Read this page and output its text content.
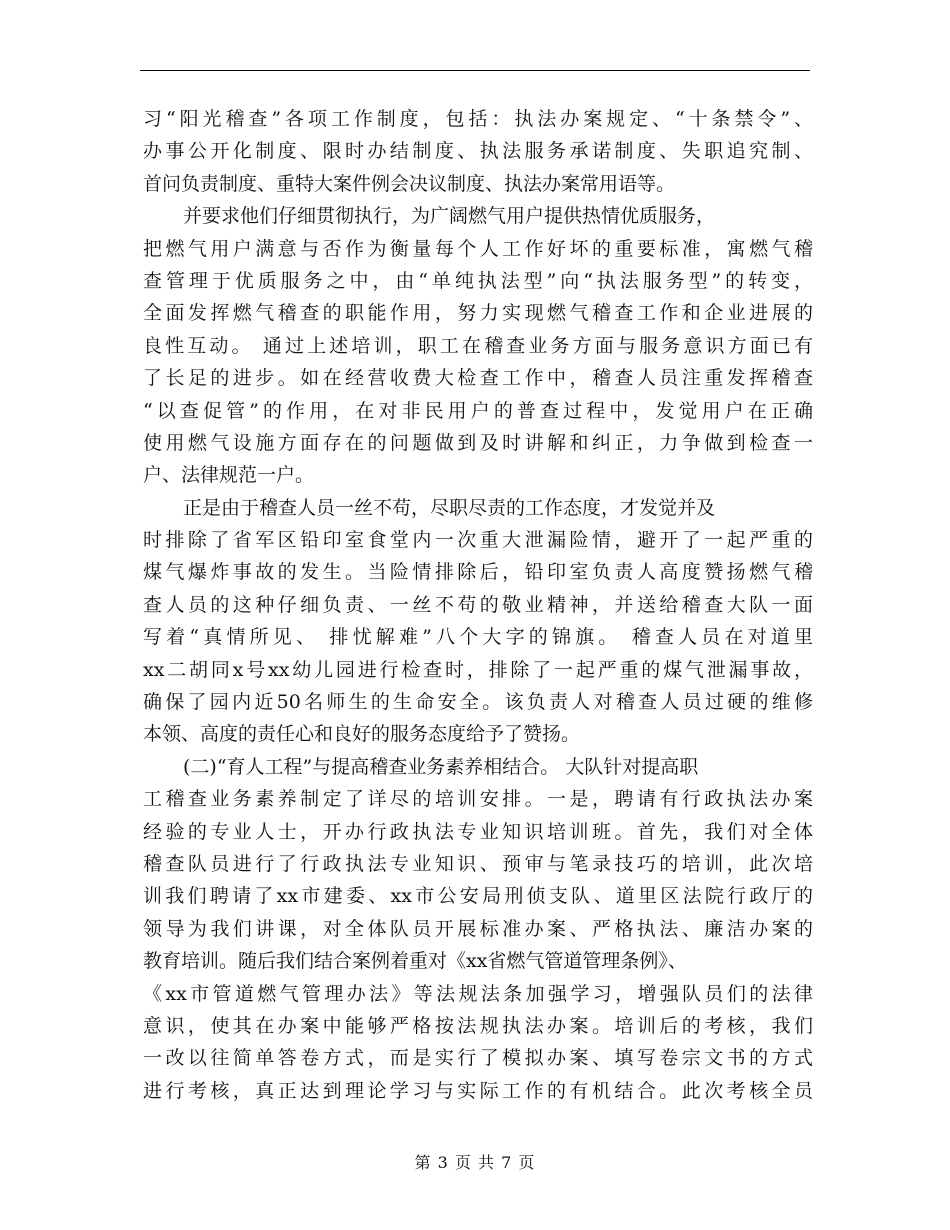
习“阳光稽查”各项工作制度，包括：执法办案规定、“十条禁令”、
办事公开化制度、限时办结制度、执法服务承诺制度、失职追究制、
首问负责制度、重特大案件例会决议制度、执法办案常用语等。
并要求他们仔细贯彻执行，为广阔燃气用户提供热情优质服务，
把燃气用户满意与否作为衡量每个人工作好坏的重要标准，寓燃气稽
查管理于优质服务之中，由“单纯执法型”向“执法服务型”的转变，
全面发挥燃气稽查的职能作用，努力实现燃气稽查工作和企业进展的
良性互动。 通过上述培训，职工在稽查业务方面与服务意识方面已有
了长足的进步。如在经营收费大检查工作中，稽查人员注重发挥稽查
“以查促管”的作用，在对非民用户的普查过程中，发觉用户在正确
使用燃气设施方面存在的问题做到及时讲解和纠正，力争做到检查一
户、法律规范一户。
正是由于稽查人员一丝不苟，尽职尽责的工作态度，才发觉并及
时排除了省军区铅印室食堂内一次重大泄漏险情，避开了一起严重的
煤气爆炸事故的发生。当险情排除后，铅印室负责人高度赞扬燃气稽
查人员的这种仔细负责、一丝不苟的敬业精神，并送给稽查大队一面
写着“真情所见、 排忧解难”八个大字的锦旗。 稽查人员在对道里
xx二胡同x号xx幼儿园进行检查时，排除了一起严重的煤气泄漏事故，
确保了园内近50名师生的生命安全。该负责人对稽查人员过硬的维修
本领、高度的责任心和良好的服务态度给予了赞扬。
(二)“育人工程”与提高稽查业务素养相结合。 大队针对提高职
工稽查业务素养制定了详尽的培训安排。一是，聘请有行政执法办案
经验的专业人士，开办行政执法专业知识培训班。首先，我们对全体
稽查队员进行了行政执法专业知识、预审与笔录技巧的培训，此次培
训我们聘请了xx市建委、xx市公安局刑侦支队、道里区法院行政厅的
领导为我们讲课，对全体队员开展标准办案、严格执法、廉洁办案的
教育培训。随后我们结合案例着重对《xx省燃气管道管理条例》、
《xx市管道燃气管理办法》等法规法条加强学习，增强队员们的法律
意识，使其在办案中能够严格按法规执法办案。培训后的考核，我们
一改以往简单答卷方式，而是实行了模拟办案、填写卷宗文书的方式
进行考核，真正达到理论学习与实际工作的有机结合。此次考核全员
第 3 页 共 7 页
